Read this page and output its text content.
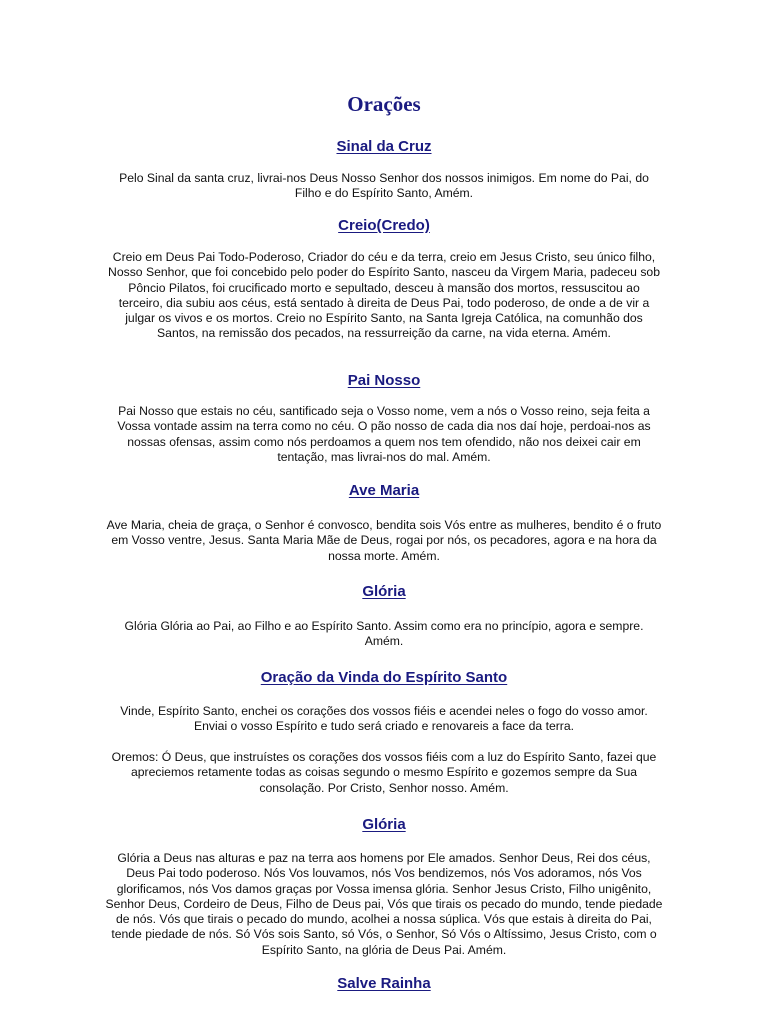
Orações
Sinal da Cruz

Pelo Sinal da santa cruz, livrai-nos Deus Nosso Senhor dos nossos inimigos. Em nome do Pai, do Filho e do Espírito Santo, Amém.

Creio(Credo)

Creio em Deus Pai Todo-Poderoso, Criador do céu e da terra, creio em Jesus Cristo, seu único filho, Nosso Senhor, que foi concebido pelo poder do Espírito Santo, nasceu da Virgem Maria, padeceu sob Pôncio Pilatos, foi crucificado morto e sepultado, desceu à mansão dos mortos, ressuscitou ao terceiro, dia subiu aos céus, está sentado à direita de Deus Pai, todo poderoso, de onde a de vir a julgar os vivos e os mortos. Creio no Espírito Santo, na Santa Igreja Católica, na comunhão dos Santos, na remissão dos pecados, na ressurreição da carne, na vida eterna. Amém.

Pai Nosso

Pai Nosso que estais no céu, santificado seja o Vosso nome, vem a nós o Vosso reino, seja feita a Vossa vontade assim na terra como no céu. O pão nosso de cada dia nos daí hoje, perdoai-nos as nossas ofensas, assim como nós perdoamos a quem nos tem ofendido, não nos deixei cair em tentação, mas livrai-nos do mal. Amém.

Ave Maria

Ave Maria, cheia de graça, o Senhor é convosco, bendita sois Vós entre as mulheres, bendito é o fruto em Vosso ventre, Jesus. Santa Maria Mãe de Deus, rogai por nós, os pecadores, agora e na hora da nossa morte. Amém.

Glória

Glória Glória ao Pai, ao Filho e ao Espírito Santo. Assim como era no princípio, agora e sempre. Amém.

Oração da Vinda do Espírito Santo

Vinde, Espírito Santo, enchei os corações dos vossos fiéis e acendei neles o fogo do vosso amor. Enviai o vosso Espírito e tudo será criado e renovareis a face da terra.

Oremos: Ó Deus, que instruístes os corações dos vossos fiéis com a luz do Espírito Santo, fazei que apreciemos retamente todas as coisas segundo o mesmo Espírito e gozemos sempre da Sua consolação. Por Cristo, Senhor nosso. Amém.

Glória

Glória a Deus nas alturas e paz na terra aos homens por Ele amados. Senhor Deus, Rei dos céus, Deus Pai todo poderoso. Nós Vos louvamos, nós Vos bendizemos, nós Vos adoramos, nós Vos glorificamos, nós Vos damos graças por Vossa imensa glória. Senhor Jesus Cristo, Filho unigênito, Senhor Deus, Cordeiro de Deus, Filho de Deus pai, Vós que tirais os pecado do mundo, tende piedade de nós. Vós que tirais o pecado do mundo, acolhei a nossa súplica. Vós que estais à direita do Pai, tende piedade de nós. Só Vós sois Santo, só Vós, o Senhor, Só Vós o Altíssimo, Jesus Cristo, com o Espírito Santo, na glória de Deus Pai. Amém.

Salve Rainha
